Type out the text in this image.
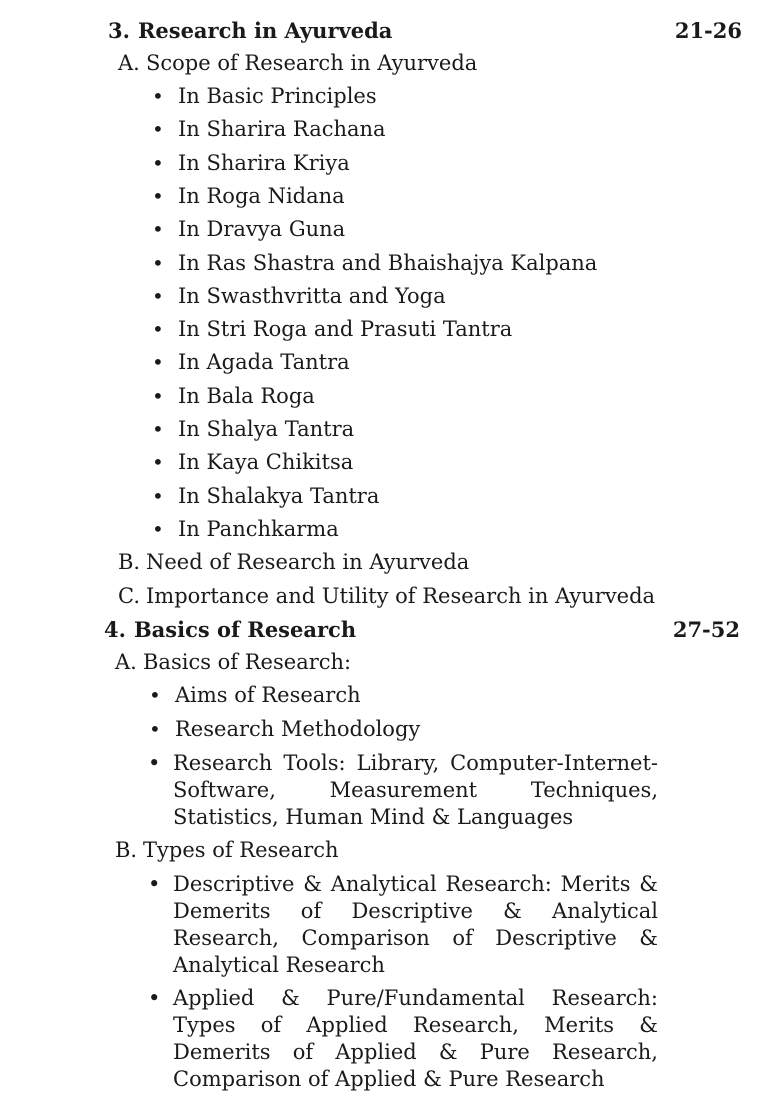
3. Research in Ayurveda	21-26
A. Scope of Research in Ayurveda
• In Basic Principles
• In Sharira Rachana
• In Sharira Kriya
• In Roga Nidana
• In Dravya Guna
• In Ras Shastra and Bhaishajya Kalpana
• In Swasthvritta and Yoga
• In Stri Roga and Prasuti Tantra
• In Agada Tantra
• In Bala Roga
• In Shalya Tantra
• In Kaya Chikitsa
• In Shalakya Tantra
• In Panchkarma
B. Need of Research in Ayurveda
C. Importance and Utility of Research in Ayurveda
4. Basics of Research	27-52
A. Basics of Research:
• Aims of Research
• Research Methodology
• Research Tools: Library, Computer-Internet-Software, Measurement Techniques, Statistics, Human Mind & Languages
B. Types of Research
• Descriptive & Analytical Research: Merits & Demerits of Descriptive & Analytical Research, Comparison of Descriptive & Analytical Research
• Applied & Pure/Fundamental Research: Types of Applied Research, Merits & Demerits of Applied & Pure Research, Comparison of Applied & Pure Research
